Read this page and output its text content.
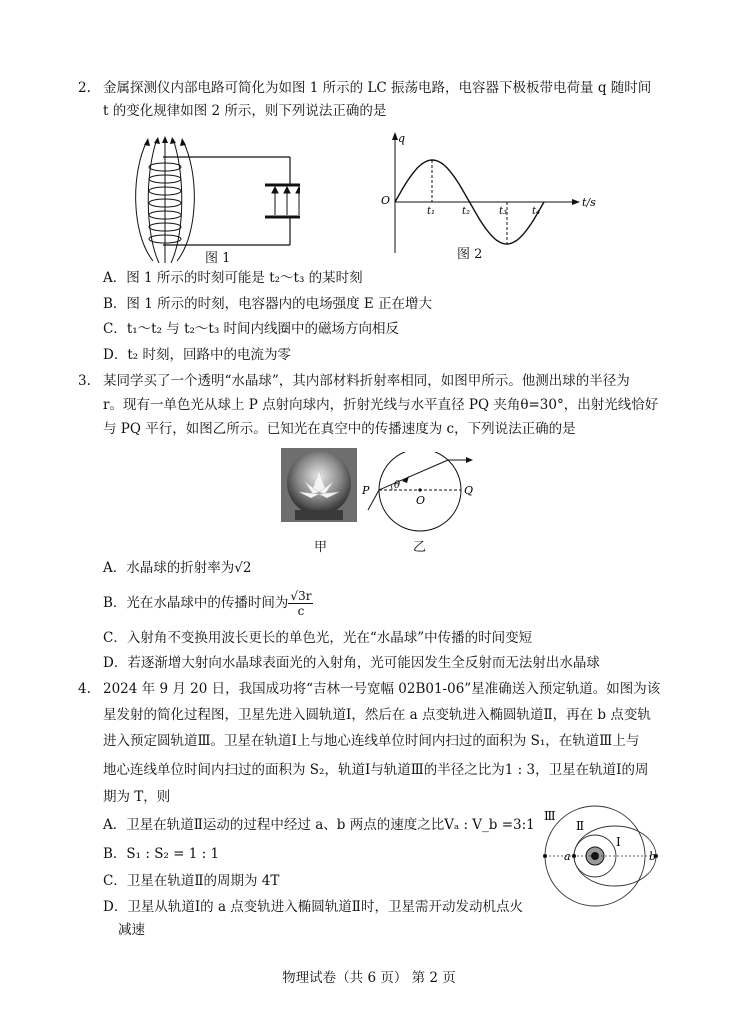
2. 金属探测仪内部电路可简化为如图 1 所示的 LC 振荡电路，电容器下极板带电荷量 q 随时间
t 的变化规律如图 2 所示，则下列说法正确的是
图 1
q
t/s
O
t₁	t₂	t₃ t₄
图 2
A．图 1 所示的时刻可能是 t₂～t₃ 的某时刻
B．图 1 所示的时刻，电容器内的电场强度 E 正在增大
C．t₁～t₂ 与 t₂～t₃ 时间内线圈中的磁场方向相反
D．t₂ 时刻，回路中的电流为零
3. 某同学买了一个透明“水晶球”，其内部材料折射率相同，如图甲所示。他测出球的半径为
r。现有一单色光从球上 P 点射向球内，折射光线与水平直径 PQ 夹角θ=30°，出射光线恰好
与 PQ 平行，如图乙所示。已知光在真空中的传播速度为 c，下列说法正确的是
甲
P θ
O
Q
乙
A．水晶球的折射率为√2
B．光在水晶球中的传播时间为 $\frac{√3r}{c}$
C．入射角不变换用波长更长的单色光，光在“水晶球”中传播的时间变短
D．若逐渐增大射向水晶球表面光的入射角，光可能因发生全反射而无法射出水晶球
4. 2024 年 9 月 20 日，我国成功将“吉林一号宽幅 02B01-06”星准确送入预定轨道。如图为该
星发射的简化过程图，卫星先进入圆轨道Ⅰ，然后在 a 点变轨进入椭圆轨道Ⅱ，再在 b 点变轨
进入预定圆轨道Ⅲ。卫星在轨道Ⅰ上与地心连线单位时间内扫过的面积为 S₁，在轨道Ⅲ上与
地心连线单位时间内扫过的面积为 S₂，轨道Ⅰ与轨道Ⅲ的半径之比为1 : 3，卫星在轨道Ⅰ的周
期为 T，则
A．卫星在轨道Ⅱ运动的过程中经过 a、b 两点的速度之比Vₐ : V_b =3:1
B．S₁ : S₂ = 1 : 1
C．卫星在轨道Ⅱ的周期为 4T
D．卫星从轨道Ⅰ的 a 点变轨进入椭圆轨道Ⅱ时，卫星需开动发动机点火
减速
Ⅲ
Ⅱ
Ⅰ
a	b
物理试卷（共 6 页） 第 2 页
